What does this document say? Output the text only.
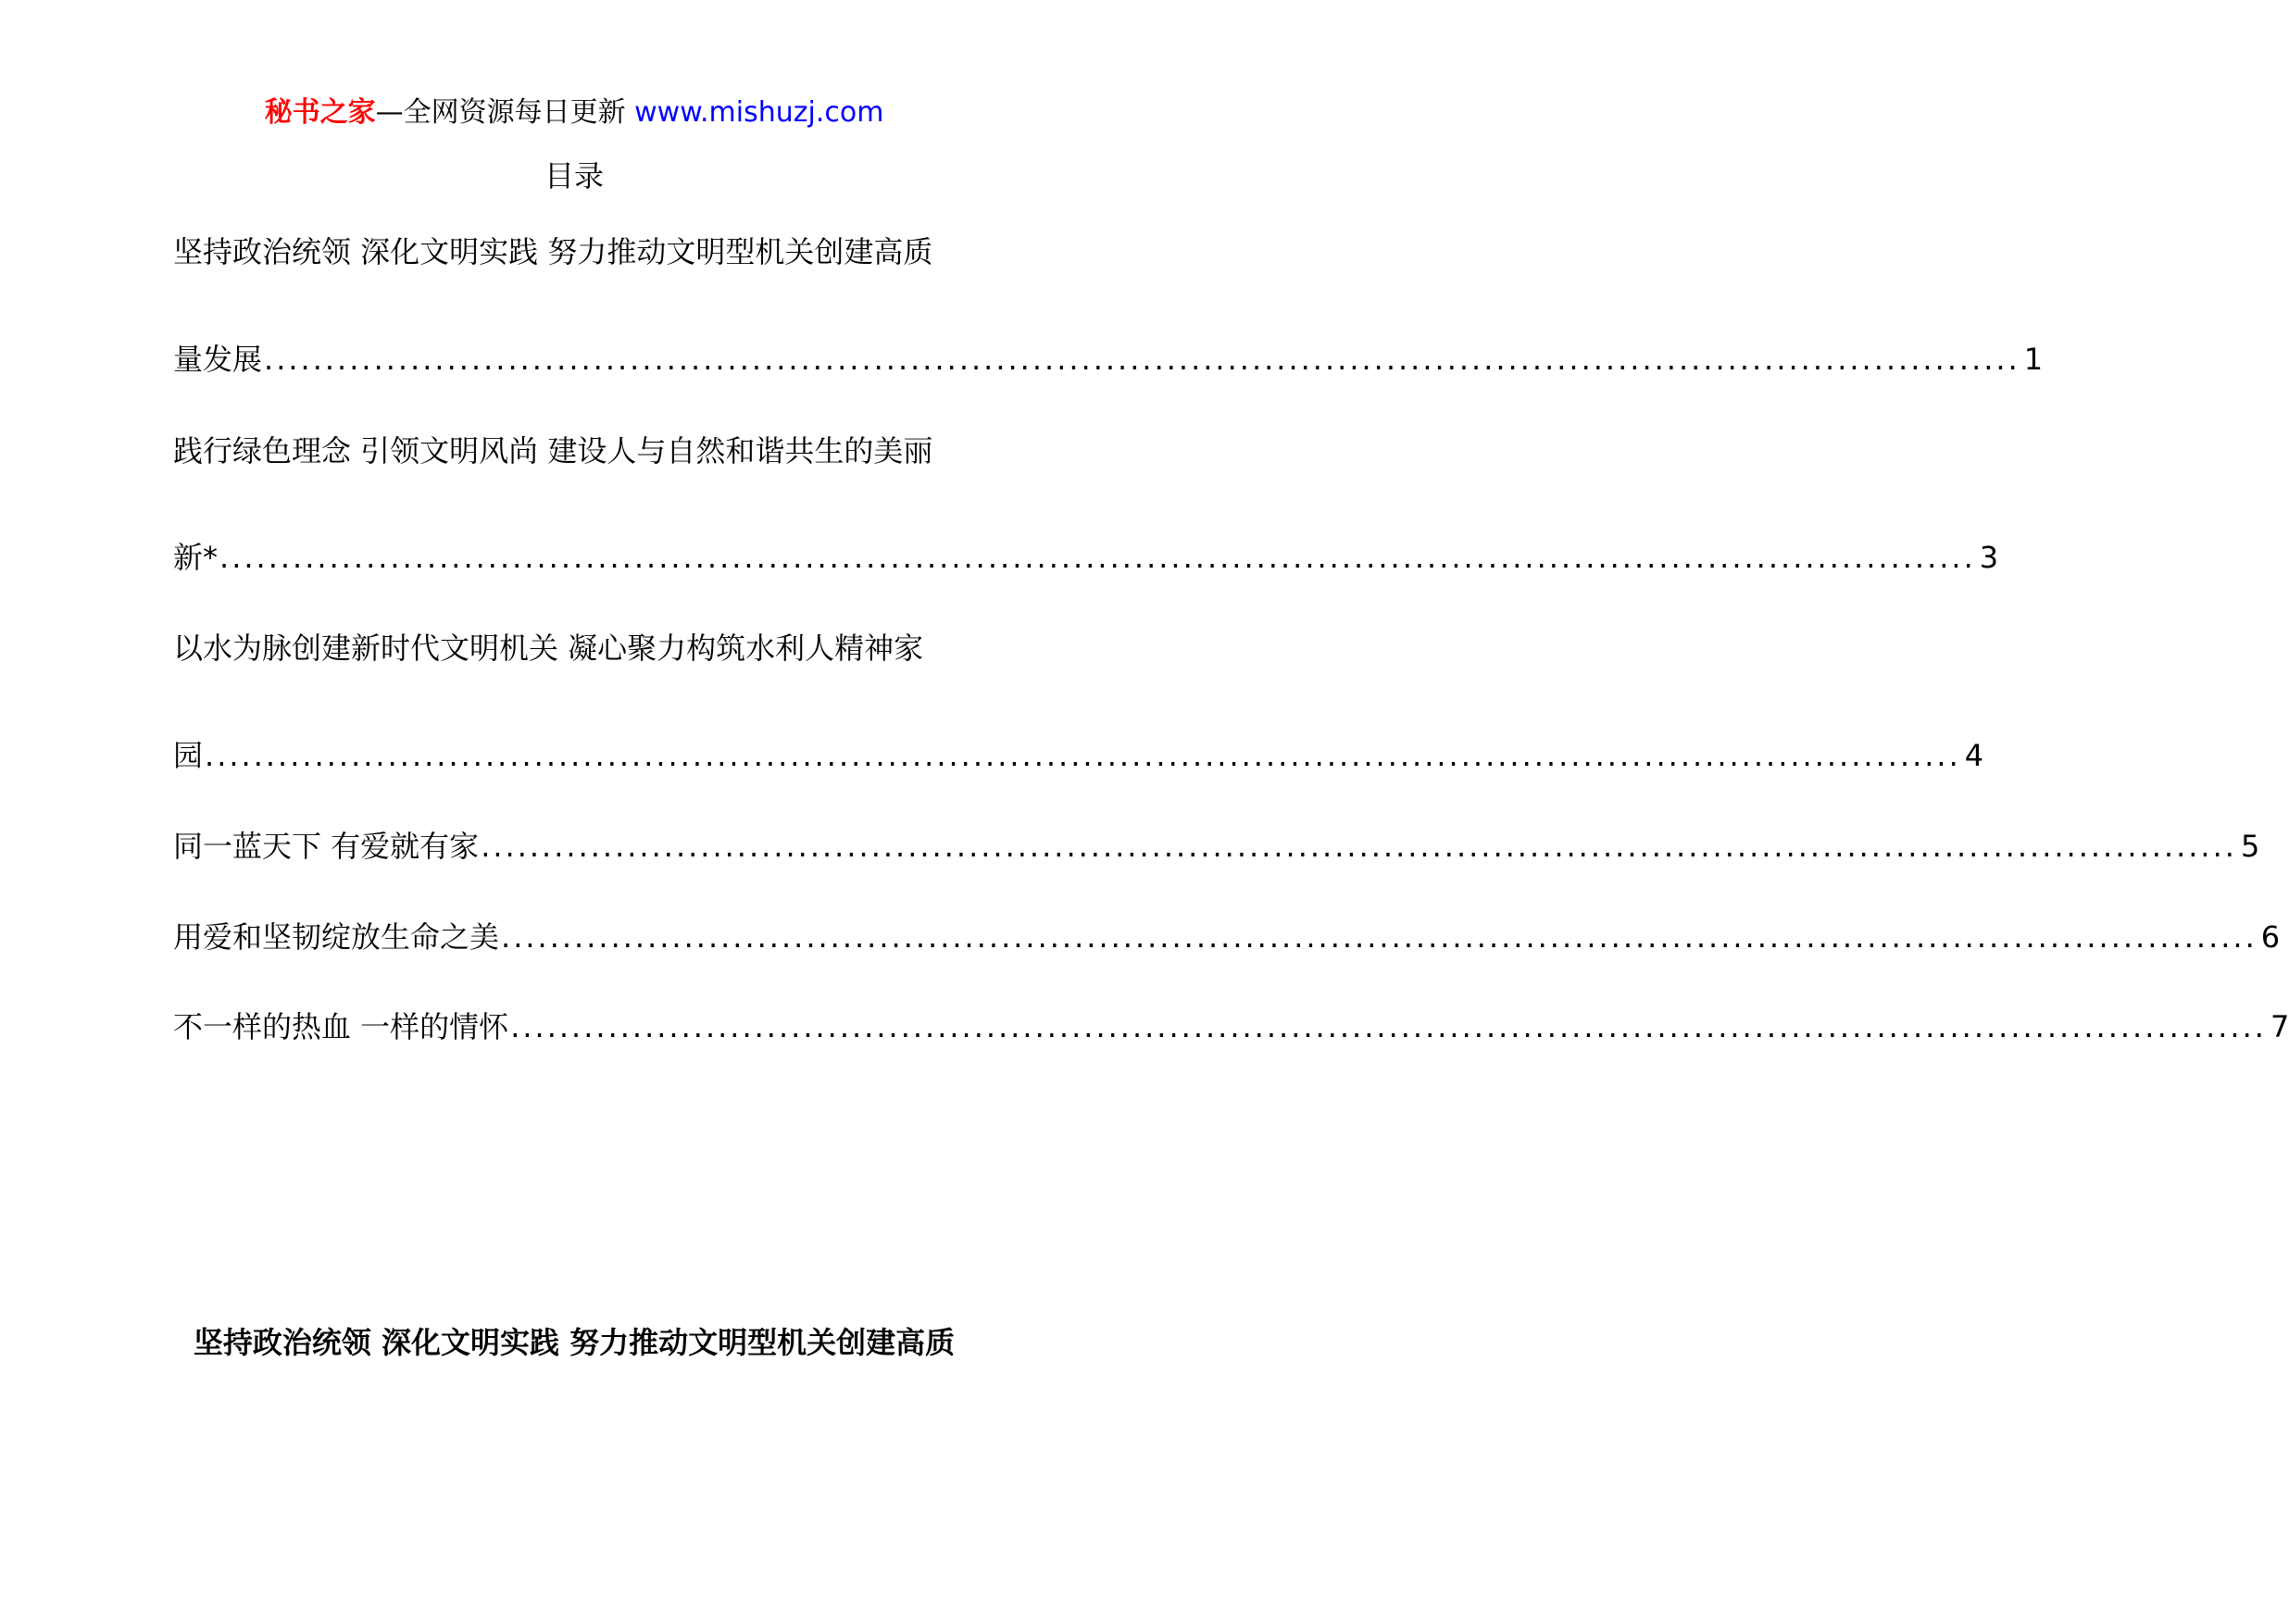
秘书之家—全网资源每日更新 www.mishuzj.com
目录
坚持政治统领 深化文明实践 努力推动文明型机关创建高质
量发展 ................................................................................................................................................ 1
践行绿色理念 引领文明风尚 建设人与自然和谐共生的美丽
新* ................................................................................................................................................ 3
以水为脉创建新时代文明机关 凝心聚力构筑水利人精神家
园 ................................................................................................................................................ 4
同一蓝天下 有爱就有家 ................................................................................................................................................ 5
用爱和坚韧绽放生命之美 ................................................................................................................................................ 6
不一样的热血 一样的情怀 ................................................................................................................................................ 7
坚持政治统领 深化文明实践 努力推动文明型机关创建高质
